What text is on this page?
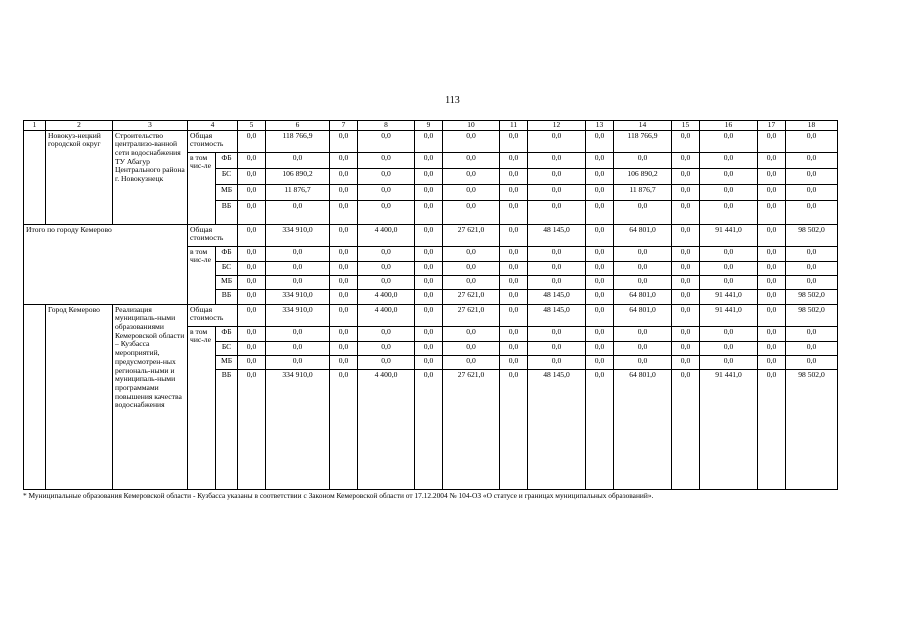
113
1	2	3	4		5	6	7	8	9	10	11	12	13	14	15	16	17	18
	Новокуз-нецкий городской округ	Строительство централизо-ванной сети водоснабжения ТУ Абагур Центрального района г. Новокузнецк	Общая стоимость		0,0	118 766,9	0,0	0,0	0,0	0,0	0,0	0,0	0,0	118 766,9	0,0	0,0	0,0	0,0
			в том чис-ле	ФБ	0,0	0,0	0,0	0,0	0,0	0,0	0,0	0,0	0,0	0,0	0,0	0,0	0,0	0,0
				БС	0,0	106 890,2	0,0	0,0	0,0	0,0	0,0	0,0	0,0	106 890,2	0,0	0,0	0,0	0,0
				МБ	0,0	11 876,7	0,0	0,0	0,0	0,0	0,0	0,0	0,0	11 876,7	0,0	0,0	0,0	0,0
				ВБ	0,0	0,0	0,0	0,0	0,0	0,0	0,0	0,0	0,0	0,0	0,0	0,0	0,0	0,0
Итого по городу Кемерово			Общая стоимость		0,0	334 910,0	0,0	4 400,0	0,0	27 621,0	0,0	48 145,0	0,0	64 801,0	0,0	91 441,0	0,0	98 502,0
			в том чис-ле	ФБ	0,0	0,0	0,0	0,0	0,0	0,0	0,0	0,0	0,0	0,0	0,0	0,0	0,0	0,0
				БС	0,0	0,0	0,0	0,0	0,0	0,0	0,0	0,0	0,0	0,0	0,0	0,0	0,0	0,0
				МБ	0,0	0,0	0,0	0,0	0,0	0,0	0,0	0,0	0,0	0,0	0,0	0,0	0,0	0,0
				ВБ	0,0	334 910,0	0,0	4 400,0	0,0	27 621,0	0,0	48 145,0	0,0	64 801,0	0,0	91 441,0	0,0	98 502,0
	Город Кемерово	Реализация муниципаль-ными образованиями Кемеровской области – Кузбасса мероприятий, предусмотрен-ных региональ-ными и муниципаль-ными программами повышения качества водоснабжения	Общая стоимость		0,0	334 910,0	0,0	4 400,0	0,0	27 621,0	0,0	48 145,0	0,0	64 801,0	0,0	91 441,0	0,0	98 502,0
			в том чис-ле	ФБ	0,0	0,0	0,0	0,0	0,0	0,0	0,0	0,0	0,0	0,0	0,0	0,0	0,0	0,0
				БС	0,0	0,0	0,0	0,0	0,0	0,0	0,0	0,0	0,0	0,0	0,0	0,0	0,0	0,0
				МБ	0,0	0,0	0,0	0,0	0,0	0,0	0,0	0,0	0,0	0,0	0,0	0,0	0,0	0,0
				ВБ	0,0	334 910,0	0,0	4 400,0	0,0	27 621,0	0,0	48 145,0	0,0	64 801,0	0,0	91 441,0	0,0	98 502,0
* Муниципальные образования Кемеровской области - Кузбасса указаны в соответствии с Законом Кемеровской области от 17.12.2004 № 104-ОЗ «О статусе и границах муниципальных образований».
